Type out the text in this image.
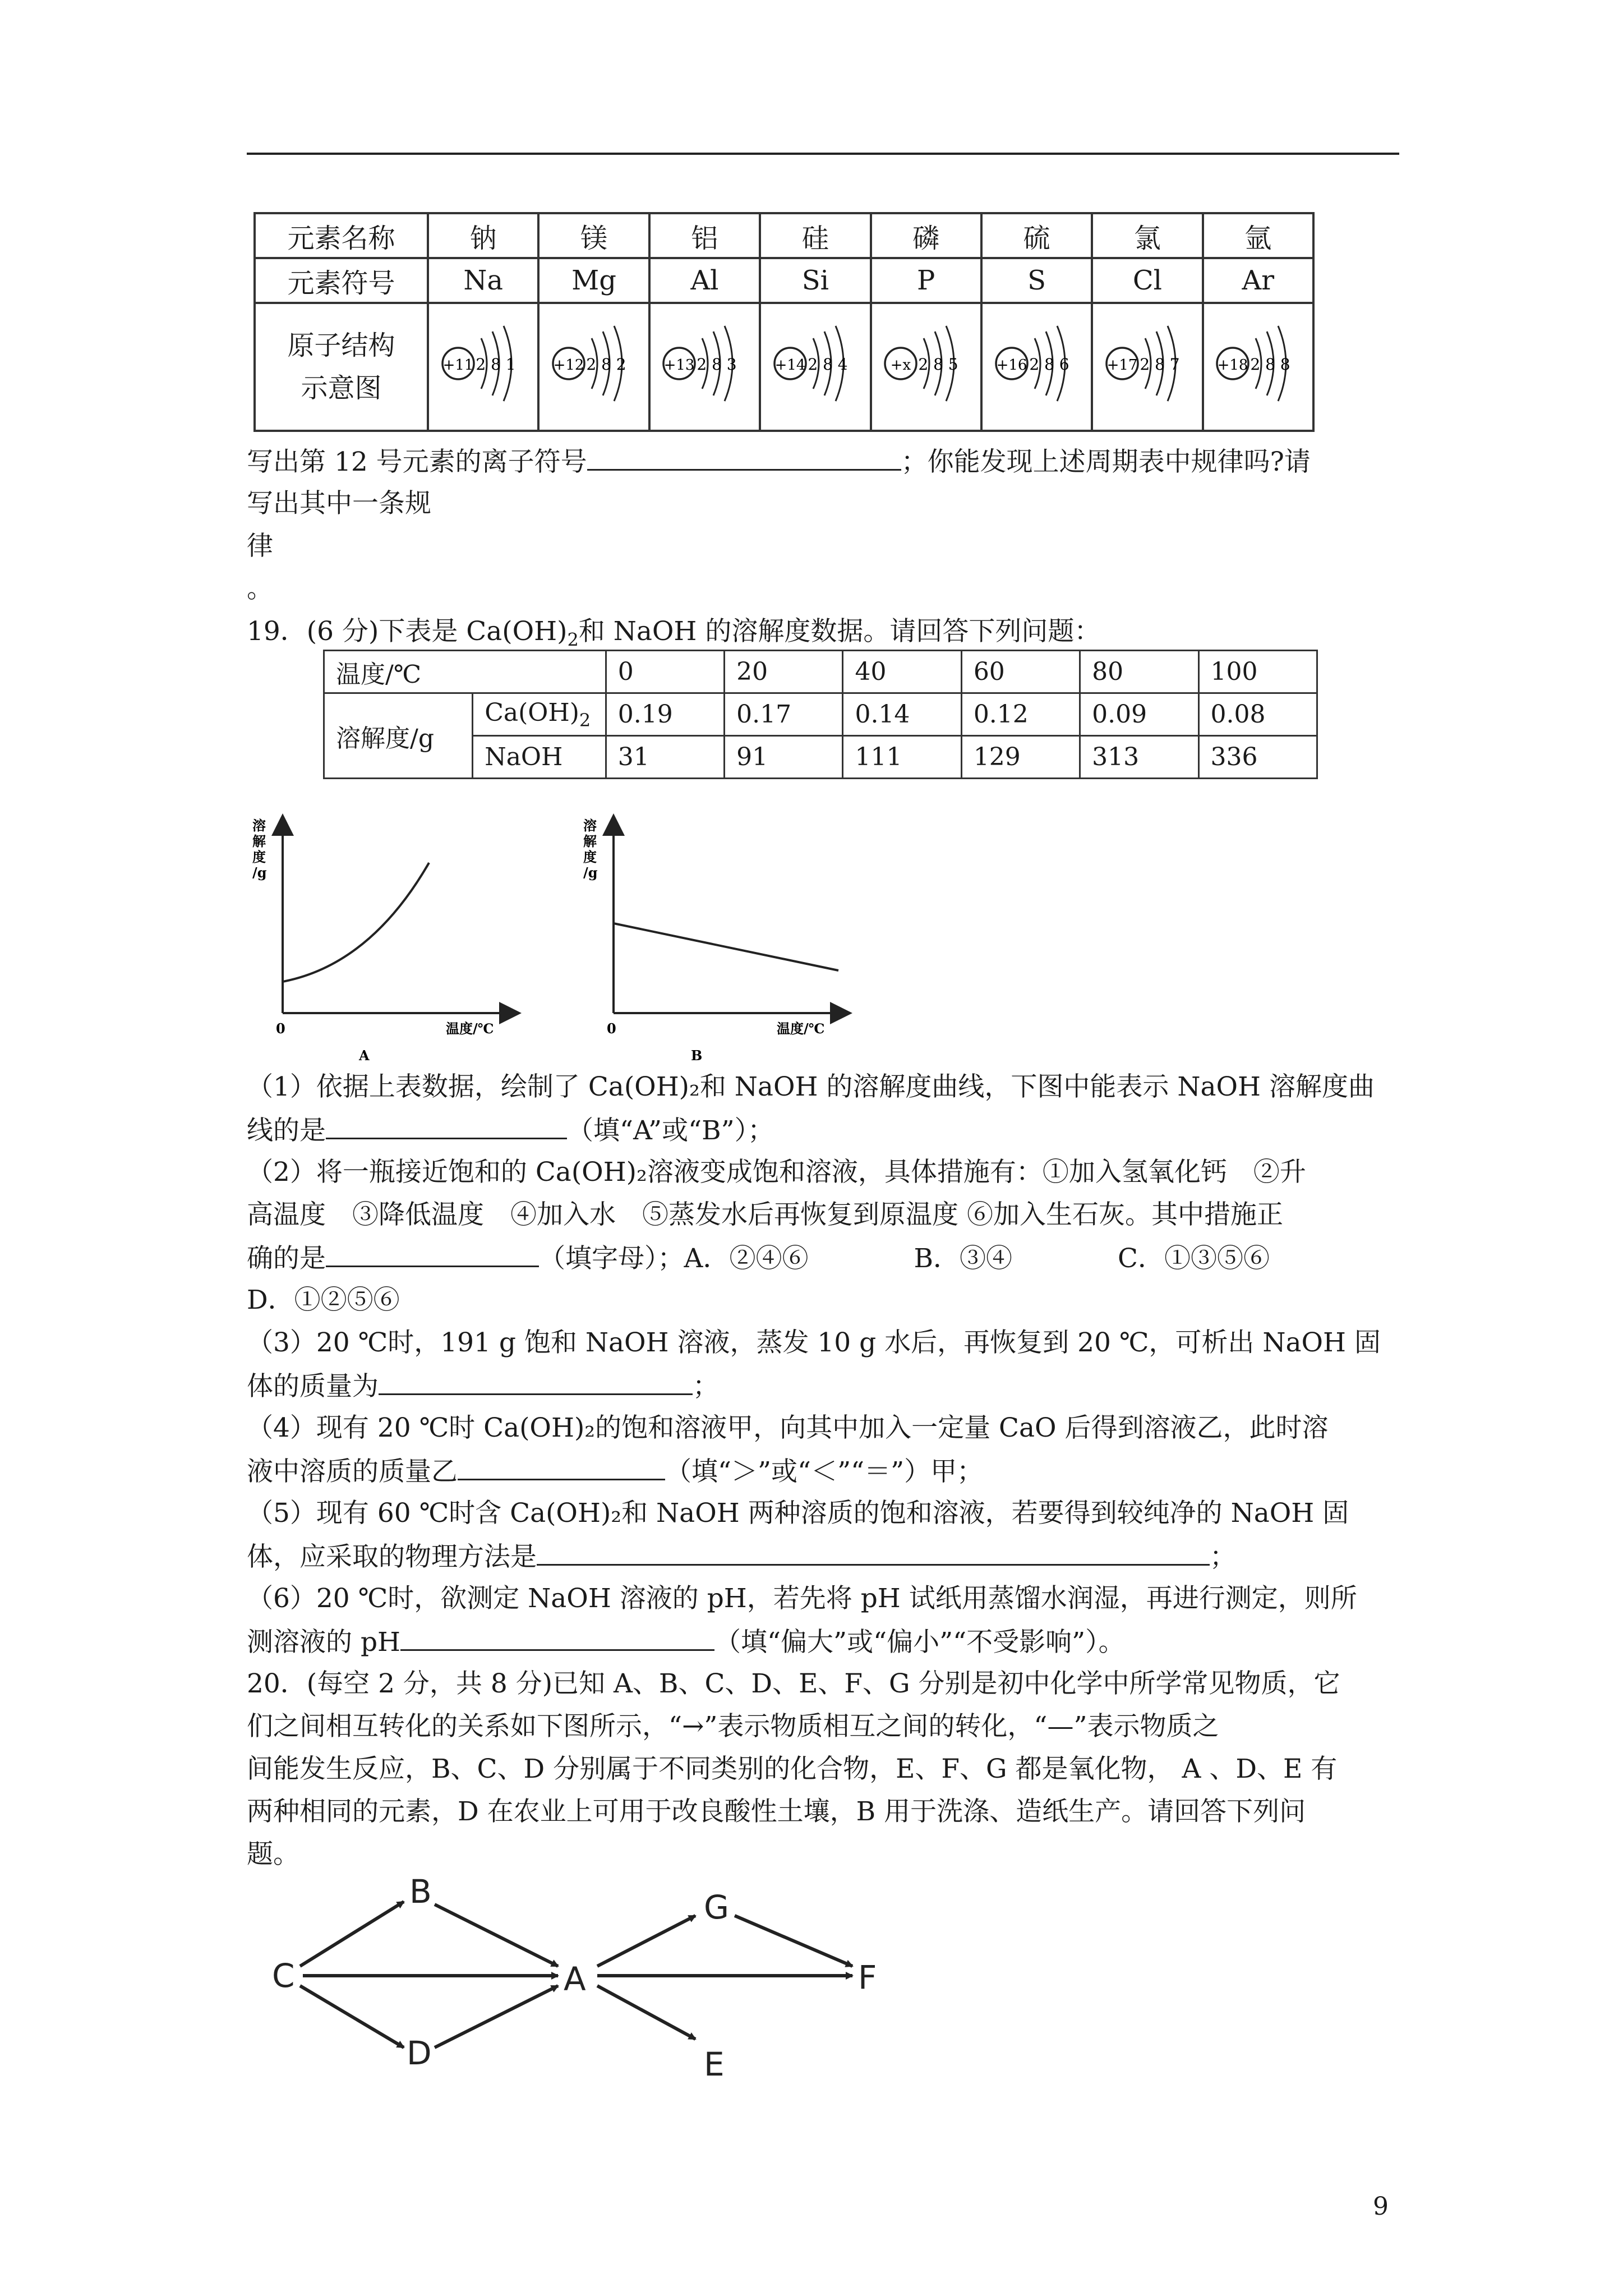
元素名称	钠	镁	铝	硅	磷	硫	氯	氩
元素符号	Na	Mg	Al	Si	P	S	Cl	Ar
原子结构
示意图	+11 2 8 1	+12 2 8 2	+13 2 8 3	+14 2 8 4	+x 2 8 5	+16 2 8 6	+17 2 8 7	+18 2 8 8
写出第 12 号元素的离子符号	；你能发现上述周期表中规律吗?请
写出其中一条规
律
。
19．(6 分)下表是 $Ca(OH)_2$和 NaOH 的溶解度数据。请回答下列问题：
温度/℃		0	20	40	60	80	100
溶解度/g	$Ca(OH)_2$	0.19	0.17	0.14	0.12	0.09	0.08
	NaOH	31	91	111	129	313	336
溶
解
度
/g
0	温度/℃
A
溶
解
度
/g
0	温度/℃
B
（1）依据上表数据，绘制了 Ca(OH)₂和 NaOH 的溶解度曲线，下图中能表示 NaOH 溶解度曲
线的是	（填“A”或“B”）；
（2）将一瓶接近饱和的 Ca(OH)₂溶液变成饱和溶液，具体措施有：①加入氢氧化钙　②升
高温度　③降低温度　④加入水　⑤蒸发水后再恢复到原温度 ⑥加入生石灰。其中措施正
确的是	（填字母）；A．②④⑥　　　　B．③④　　　　C．①③⑤⑥
D．①②⑤⑥
（3）20 ℃时，191 g 饱和 NaOH 溶液，蒸发 10 g 水后，再恢复到 20 ℃，可析出 NaOH 固
体的质量为	；
（4）现有 20 ℃时 Ca(OH)₂的饱和溶液甲，向其中加入一定量 CaO 后得到溶液乙，此时溶
液中溶质的质量乙	（填“＞”或“＜”“＝”）甲；
（5）现有 60 ℃时含 Ca(OH)₂和 NaOH 两种溶质的饱和溶液，若要得到较纯净的 NaOH 固
体，应采取的物理方法是	；
（6）20 ℃时，欲测定 NaOH 溶液的 pH，若先将 pH 试纸用蒸馏水润湿，再进行测定，则所
测溶液的 pH	（填“偏大”或“偏小”“不受影响”）。
20．(每空 2 分，共 8 分)已知 A、B、C、D、E、F、G 分别是初中化学中所学常见物质，它
们之间相互转化的关系如下图所示，“→”表示物质相互之间的转化，“—”表示物质之
间能发生反应，B、C、D 分别属于不同类别的化合物，E、F、G 都是氧化物， A 、D、E 有
两种相同的元素，D 在农业上可用于改良酸性土壤，B 用于洗涤、造纸生产。请回答下列问
题。
C
B
D
A
G
F
E
9
